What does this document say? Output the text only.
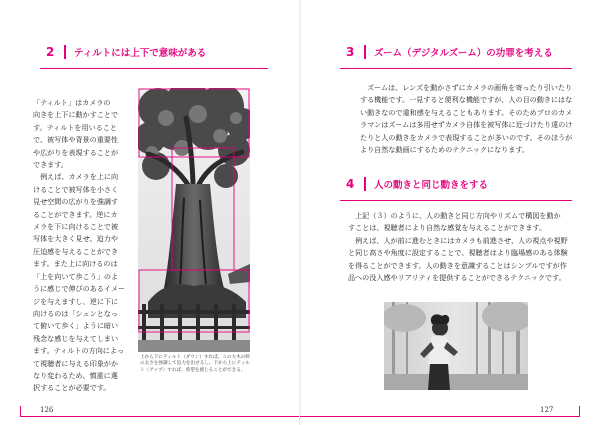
2	ティルトには上下で意味がある

「ティルト」はカメラの

向きを上下に動かすことで

す。ティルトを用いること

で、被写体や背景の重要性

や広がりを表現することが

できます。

　例えば、カメラを上に向

けることで被写体を小さく

見せ空間の広がりを強調す

ることができます。逆にカ

メラを下に向けることで被

写体を大きく見せ、迫力や

圧迫感を与えることができ

ます。また上に向けるのは

「上を向いて歩こう」のよ

うに感じで伸びのあるイメー

ジを与えますし、逆に下に

向けるのは「シュンとなっ

て俯いて歩く」ように暗い

残念な感じを与えてしまい

ます。ティルトの方向によっ

て視聴者に与える印象がか

なり変わるため、慎重に選

択することが必要です。

上から下にティルト（ダウン）すれば、この大木の幹

の太さを強調して迫力を出せるし、下から上にティル

ト（アップ）すれば、希望を感じることができる。

126
3	ズーム（デジタルズーム）の功罪を考える

　ズームは、レンズを動かさずにカメラの画角を寄ったり引いたり

する機能です。一見すると便利な機能ですが、人の目の動きにはな

い動きなので違和感を与えることもあります。そのためプロのカメ

ラマンはズームは多用せずカメラ自体を被写体に近づけたり遠のけ

たりと人の動きをカメラで表現することが多いのです。そのほうが

より自然な動画にするためのテクニックになります。

4	人の動きと同じ動きをする

　上記（３）のように、人の動きと同じ方向やリズムで構図を動か

すことは、視聴者により自然な感覚を与えることができます。

　例えば、人が前に進むときにはカメラも前進させ、人の視点や視野

と同じ高さや角度に設定することで、視聴者はより臨場感のある体験

を得ることができます。人の動きを意識することはシンプルですが作

品への没入感やリアリティを提供することができるテクニックです。

127
